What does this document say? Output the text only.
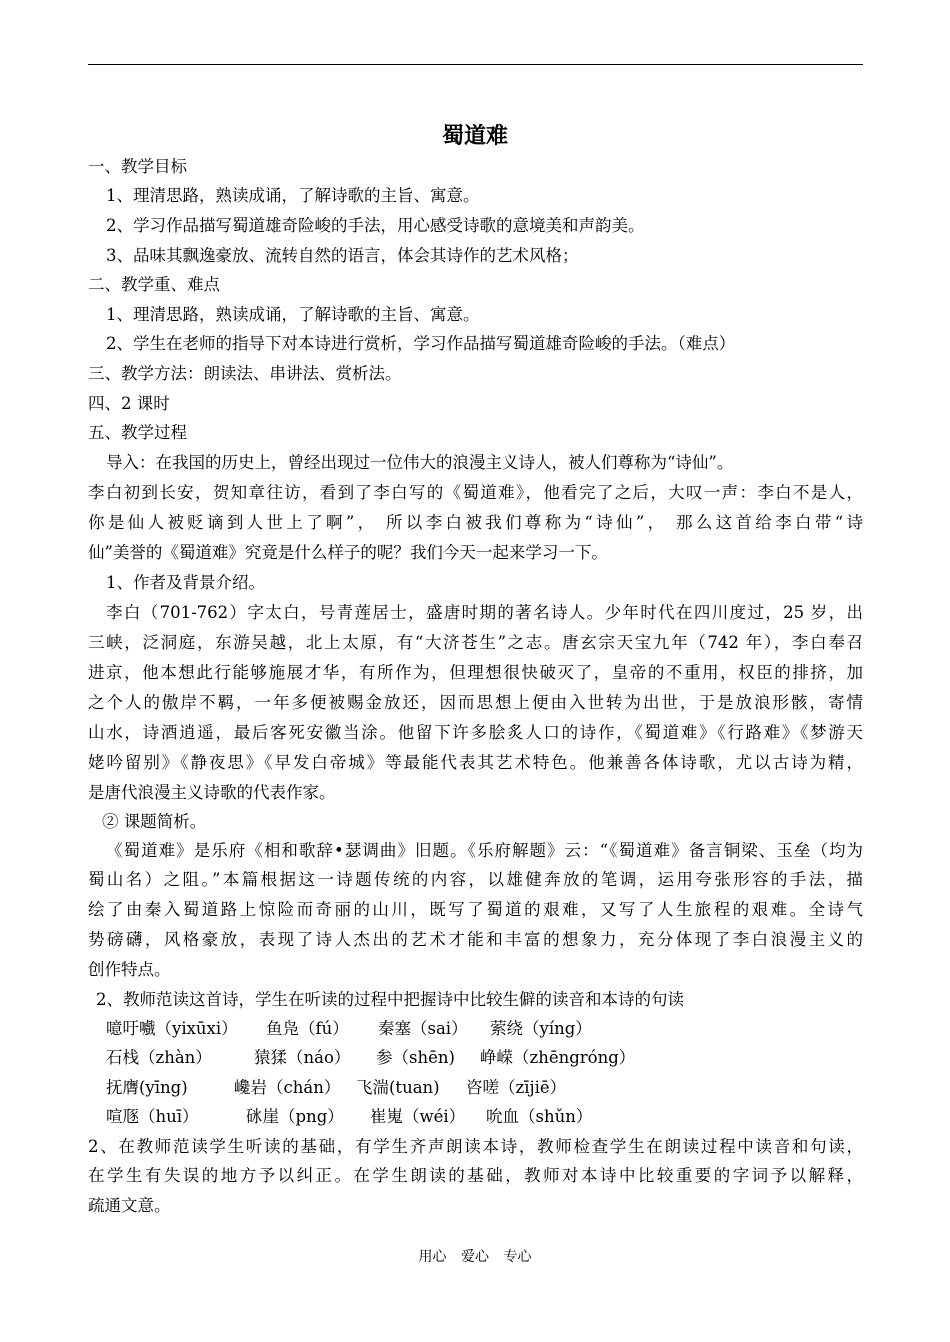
蜀道难
一、教学目标
1、理清思路，熟读成诵，了解诗歌的主旨、寓意。
2、学习作品描写蜀道雄奇险峻的手法，用心感受诗歌的意境美和声韵美。
3、品味其飘逸豪放、流转自然的语言，体会其诗作的艺术风格；
二、教学重、难点
1、理清思路，熟读成诵，了解诗歌的主旨、寓意。
2、学生在老师的指导下对本诗进行赏析，学习作品描写蜀道雄奇险峻的手法。（难点）
三、教学方法：朗读法、串讲法、赏析法。
四、2 课时
五、教学过程
导入：在我国的历史上，曾经出现过一位伟大的浪漫主义诗人，被人们尊称为“诗仙”。
李白初到长安，贺知章往访，看到了李白写的《蜀道难》，他看完了之后，大叹一声：李白不是人，
你是仙人被贬谪到人世上了啊”， 所以李白被我们尊称为“诗仙”， 那么这首给李白带“诗
仙”美誉的《蜀道难》究竟是什么样子的呢？我们今天一起来学习一下。
1、作者及背景介绍。
李白（701-762）字太白，号青莲居士，盛唐时期的著名诗人。少年时代在四川度过，25 岁，出
三峡，泛洞庭，东游吴越，北上太原，有“大济苍生”之志。唐玄宗天宝九年（742 年），李白奉召
进京，他本想此行能够施展才华，有所作为，但理想很快破灭了，皇帝的不重用，权臣的排挤，加
之个人的傲岸不羁，一年多便被赐金放还，因而思想上便由入世转为出世，于是放浪形骸，寄情
山水，诗酒逍遥，最后客死安徽当涂。他留下许多脍炙人口的诗作，《蜀道难》《行路难》《梦游天
姥吟留别》《静夜思》《早发白帝城》等最能代表其艺术特色。他兼善各体诗歌，尤以古诗为精，
是唐代浪漫主义诗歌的代表作家。
② 课题简析。
《蜀道难》是乐府《相和歌辞•瑟调曲》旧题。《乐府解题》云：“《蜀道难》备言铜梁、玉垒（均为
蜀山名）之阻。”本篇根据这一诗题传统的内容，以雄健奔放的笔调，运用夸张形容的手法，描
绘了由秦入蜀道路上惊险而奇丽的山川，既写了蜀道的艰难，又写了人生旅程的艰难。全诗气
势磅礴，风格豪放，表现了诗人杰出的艺术才能和丰富的想象力，充分体现了李白浪漫主义的
创作特点。
2、教师范读这首诗，学生在听读的过程中把握诗中比较生僻的读音和本诗的句读
噫吁嚱（yixūxi） 鱼凫（fú） 秦塞（sai） 萦绕（yíng）
石栈（zhàn）	猿猱（náo） 参（shēn) 峥嵘（zhēngróng）
抚膺(yīng)	巉岩（chán） 飞湍(tuan) 咨嗟（zījiē）
喧豗（huī）	砯崖（png） 崔嵬（wéi） 吮血（shǔn）
2、在教师范读学生听读的基础，有学生齐声朗读本诗，教师检查学生在朗读过程中读音和句读，
在学生有失误的地方予以纠正。在学生朗读的基础，教师对本诗中比较重要的字词予以解释，
疏通文意。
用心 爱心 专心
